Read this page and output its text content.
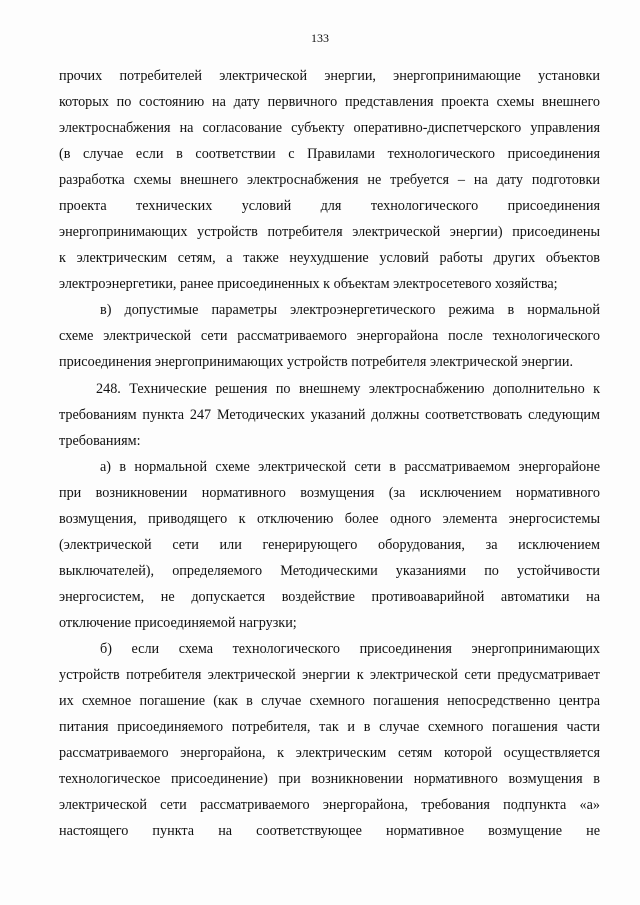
133
прочих потребителей электрической энергии, энергопринимающие установки
которых по состоянию на дату первичного представления проекта схемы внешнего
электроснабжения на согласование субъекту оперативно-диспетчерского управления
(в случае если в соответствии с Правилами технологического присоединения
разработка схемы внешнего электроснабжения не требуется – на дату подготовки
проекта технических условий для технологического присоединения
энергопринимающих устройств потребителя электрической энергии) присоединены
к электрическим сетям, а также неухудшение условий работы других объектов
электроэнергетики, ранее присоединенных к объектам электросетевого хозяйства;
в) допустимые параметры электроэнергетического режима в нормальной
схеме электрической сети рассматриваемого энергорайона после технологического
присоединения энергопринимающих устройств потребителя электрической энергии.
248. Технические решения по внешнему электроснабжению дополнительно к
требованиям пункта 247 Методических указаний должны соответствовать следующим
требованиям:
а) в нормальной схеме электрической сети в рассматриваемом энергорайоне
при возникновении нормативного возмущения (за исключением нормативного
возмущения, приводящего к отключению более одного элемента энергосистемы
(электрической сети или генерирующего оборудования, за исключением
выключателей), определяемого Методическими указаниями по устойчивости
энергосистем, не допускается воздействие противоаварийной автоматики на
отключение присоединяемой нагрузки;
б) если схема технологического присоединения энергопринимающих
устройств потребителя электрической энергии к электрической сети предусматривает
их схемное погашение (как в случае схемного погашения непосредственно центра
питания присоединяемого потребителя, так и в случае схемного погашения части
рассматриваемого энергорайона, к электрическим сетям которой осуществляется
технологическое присоединение) при возникновении нормативного возмущения в
электрической сети рассматриваемого энергорайона, требования подпункта «а»
настоящего пункта на соответствующее нормативное возмущение не
